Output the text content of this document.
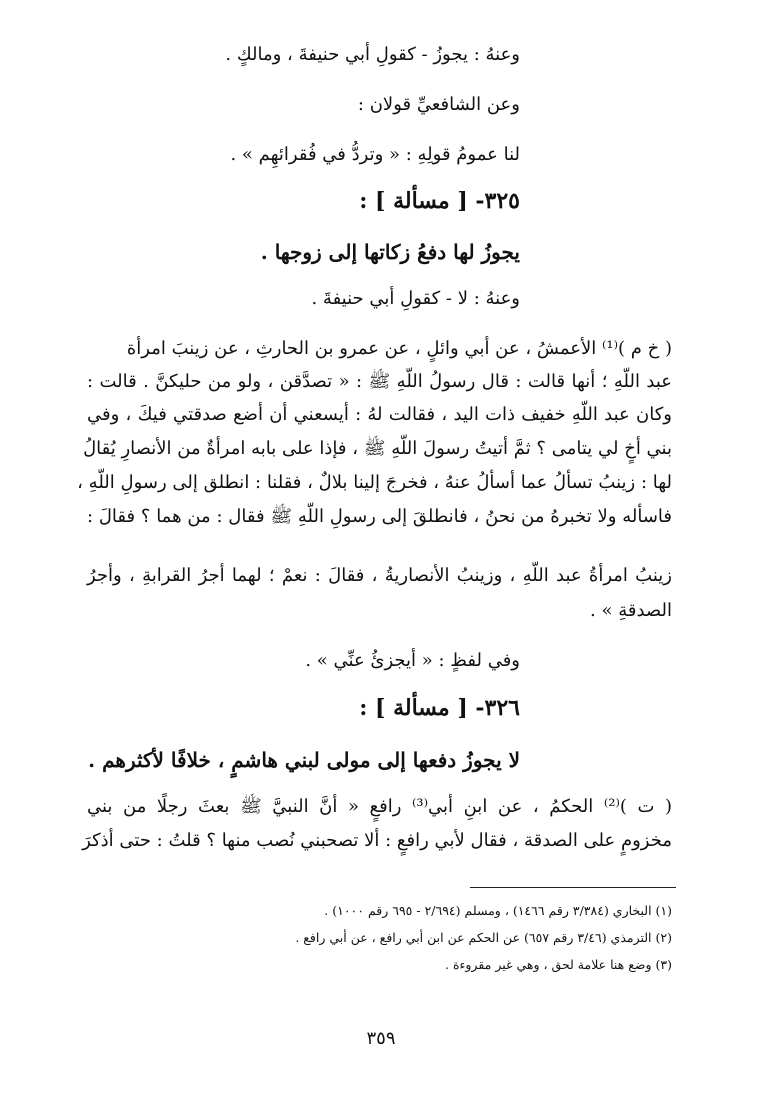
وعنهُ : يجوزُ - كقولِ أبي حنيفةَ ، ومالكٍ .
وعن الشافعيِّ قولان :
لنا عمومُ قولِهِ : « وتردُّ في فُقرائهِم » .
٣٢٥- [ مسألة ] :
يجوزُ لها دفعُ زكاتها إلى زوجها .
وعنهُ : لا - كقولِ أبي حنيفةَ .
( خ م )⁽¹⁾ الأعمشُ ، عن أبي وائلٍ ، عن عمرو بن الحارثِ ، عن زينبَ امرأة
عبد اللّهِ ؛ أنها قالت : قال رسولُ اللّهِ ﷺ : « تصدَّقن ، ولو من حليكنَّ . قالت :
وكان عبد اللّهِ خفيف ذات اليد ، فقالت لهُ : أيسعني أن أضع صدقتي فيكَ ، وفي
بني أخٍ لي يتامى ؟ ثمَّ أتيتُ رسولَ اللّهِ ﷺ ، فإذا على بابه امرأةٌ من الأنصارِ يُقالُ
لها : زينبُ تسألُ عما أسألُ عنهُ ، فخرجَ إلينا بلالٌ ، فقلنا : انطلق إلى رسولِ اللّهِ ،
فاسأله ولا تخبرهُ من نحنُ ، فانطلقَ إلى رسولِ اللّهِ ﷺ فقال : من هما ؟ فقالَ :
زينبُ امرأةُ عبد اللّهِ ، وزينبُ الأنصاريةُ ، فقالَ : نعمْ ؛ لهما أجرُ القرابةِ ، وأجرُ
الصدقةِ » .
وفي لفظٍ : « أيجزئُ عنِّي » .
٣٢٦- [ مسألة ] :
لا يجوزُ دفعها إلى مولى لبني هاشمٍ ، خلافًا لأكثرهم .
( ت )⁽²⁾ الحكمُ ، عن ابنِ أبي⁽³⁾ رافعٍ « أنَّ النبيَّ ﷺ بعثَ رجلًا من بني
مخزومٍ على الصدقة ، فقال لأبي رافعٍ : ألا تصحبني نُصب منها ؟ قلتُ : حتى أذكرَ
(١) البخاري (٣/٣٨٤ رقم ١٤٦٦) ، ومسلم (٢/٦٩٤ - ٦٩٥ رقم ١٠٠٠) .
(٢) الترمذي (٣/٤٦ رقم ٦٥٧) عن الحكم عن ابن أبي رافع ، عن أبي رافع .
(٣) وضع هنا علامة لحق ، وهي غير مقروءة .
٣٥٩
